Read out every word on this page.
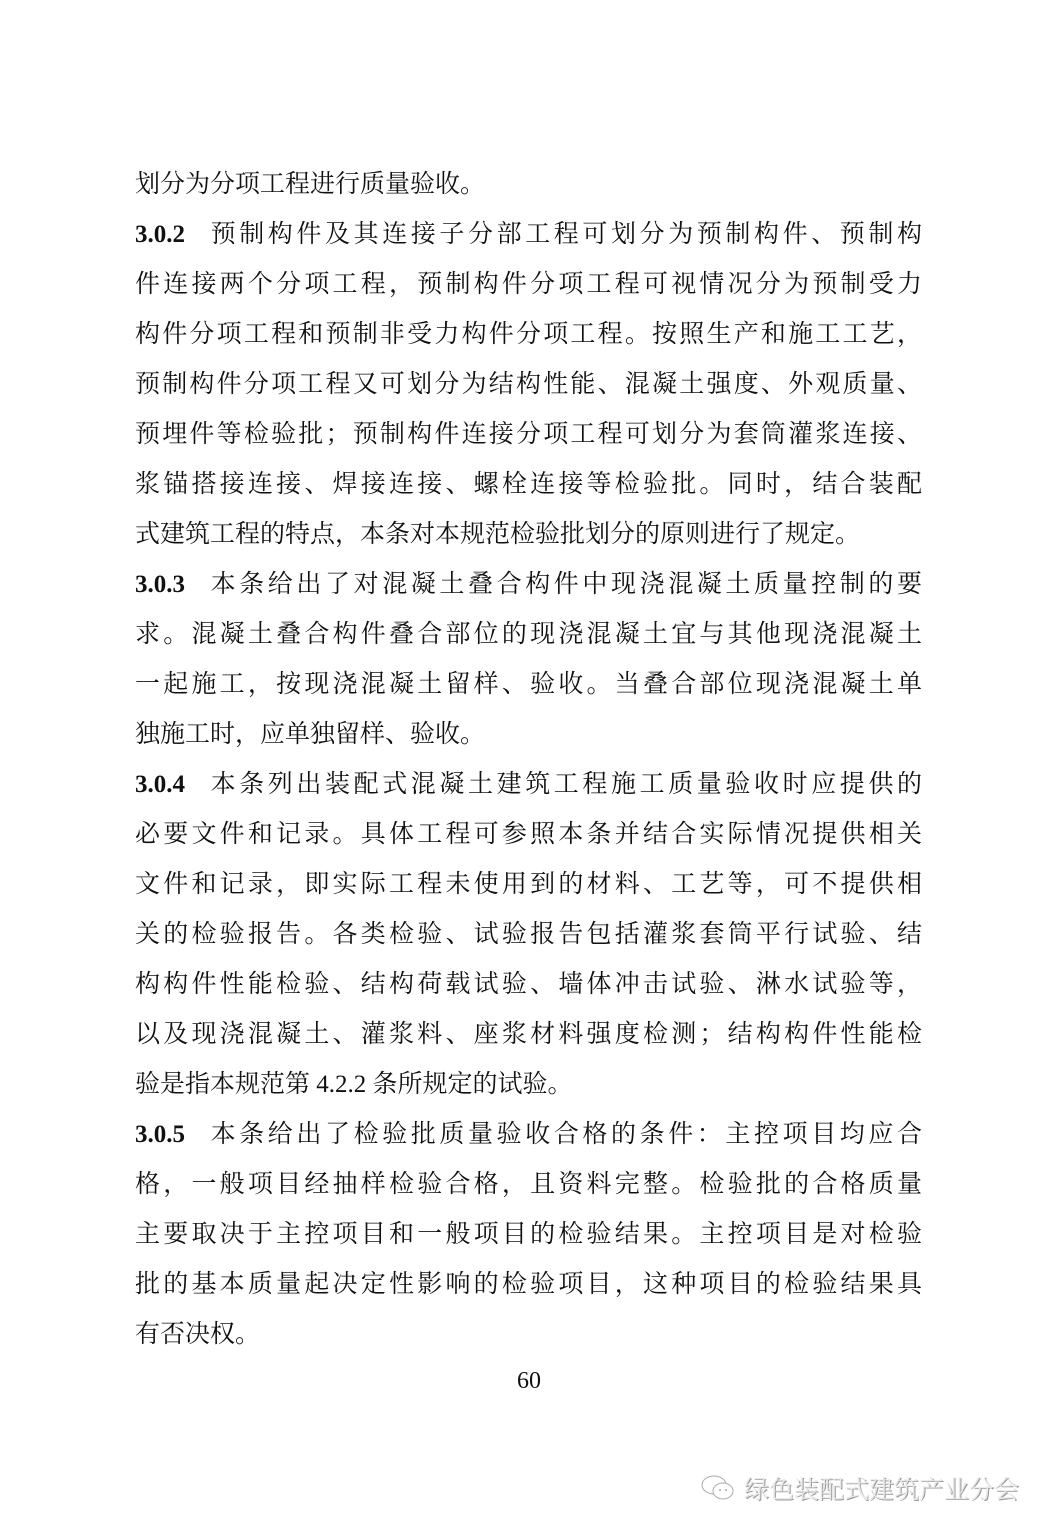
划分为分项工程进行质量验收。
3.0.2 预制构件及其连接子分部工程可划分为预制构件、预制构
件连接两个分项工程，预制构件分项工程可视情况分为预制受力
构件分项工程和预制非受力构件分项工程。按照生产和施工工艺，
预制构件分项工程又可划分为结构性能、混凝土强度、外观质量、
预埋件等检验批；预制构件连接分项工程可划分为套筒灌浆连接、
浆锚搭接连接、焊接连接、螺栓连接等检验批。同时，结合装配
式建筑工程的特点，本条对本规范检验批划分的原则进行了规定。
3.0.3 本条给出了对混凝土叠合构件中现浇混凝土质量控制的要
求。混凝土叠合构件叠合部位的现浇混凝土宜与其他现浇混凝土
一起施工，按现浇混凝土留样、验收。当叠合部位现浇混凝土单
独施工时，应单独留样、验收。
3.0.4 本条列出装配式混凝土建筑工程施工质量验收时应提供的
必要文件和记录。具体工程可参照本条并结合实际情况提供相关
文件和记录，即实际工程未使用到的材料、工艺等，可不提供相
关的检验报告。各类检验、试验报告包括灌浆套筒平行试验、结
构构件性能检验、结构荷载试验、墙体冲击试验、淋水试验等，
以及现浇混凝土、灌浆料、座浆材料强度检测；结构构件性能检
验是指本规范第 4.2.2 条所规定的试验。
3.0.5 本条给出了检验批质量验收合格的条件：主控项目均应合
格，一般项目经抽样检验合格，且资料完整。检验批的合格质量
主要取决于主控项目和一般项目的检验结果。主控项目是对检验
批的基本质量起决定性影响的检验项目，这种项目的检验结果具
有否决权。
60
绿色装配式建筑产业分会
